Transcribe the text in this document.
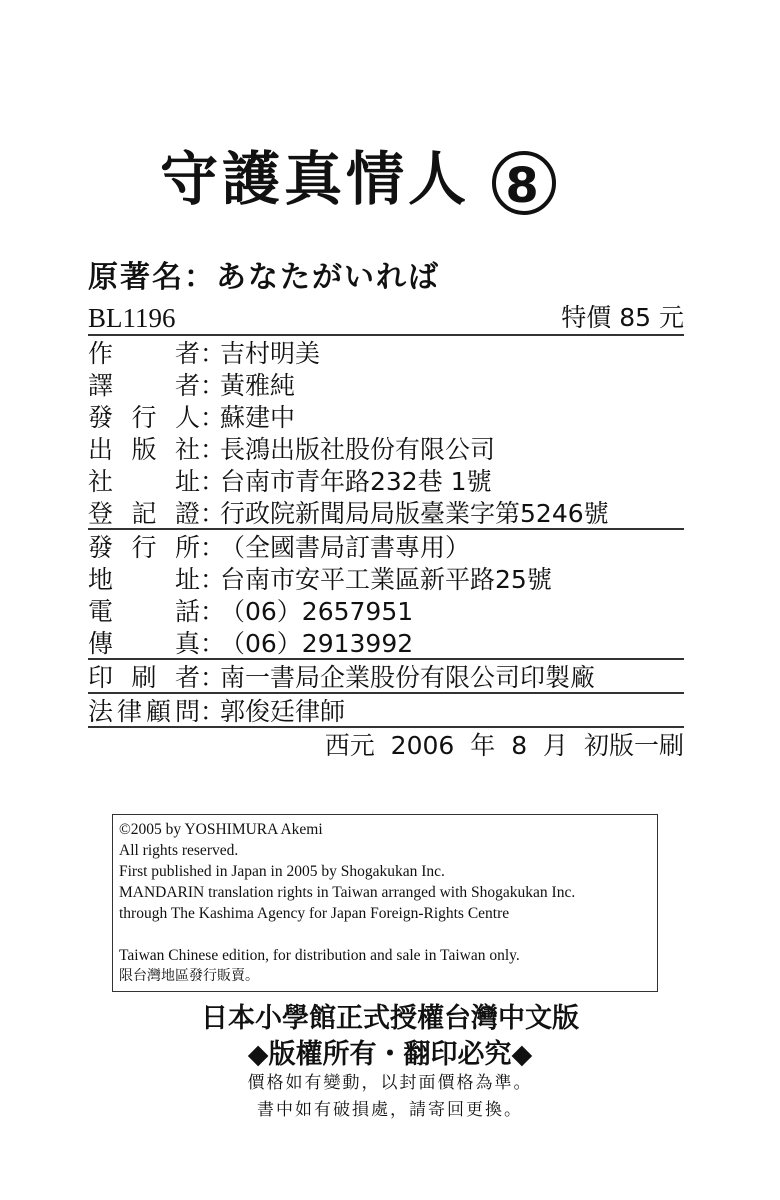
守護真情人 8
原著名：あなたがいれば
BL1196	特價 85 元
作者 ：
吉村明美
譯者 ：
黃雅純
發行人 ：
蘇建中
出版社 ：
長鴻出版社股份有限公司
社址 ：
台南市青年路232巷 1號
登記證 ：
行政院新聞局局版臺業字第5246號
發行所 ：
（全國書局訂書專用）
地址 ：
台南市安平工業區新平路25號
電話 ：
（06）2657951
傳真 ：
（06）2913992
印刷者 ：
南一書局企業股份有限公司印製廠
法律顧問 ：
郭俊廷律師
西元 2006 年 8 月 初版一刷
©2005 by YOSHIMURA Akemi
All rights reserved.
First published in Japan in 2005 by Shogakukan Inc.
MANDARIN translation rights in Taiwan arranged with Shogakukan Inc.
through The Kashima Agency for Japan Foreign-Rights Centre
Taiwan Chinese edition, for distribution and sale in Taiwan only.
限台灣地區發行販賣。
日本小學館正式授權台灣中文版
◆版權所有・翻印必究◆
價格如有變動，以封面價格為準。
書中如有破損處，請寄回更換。
